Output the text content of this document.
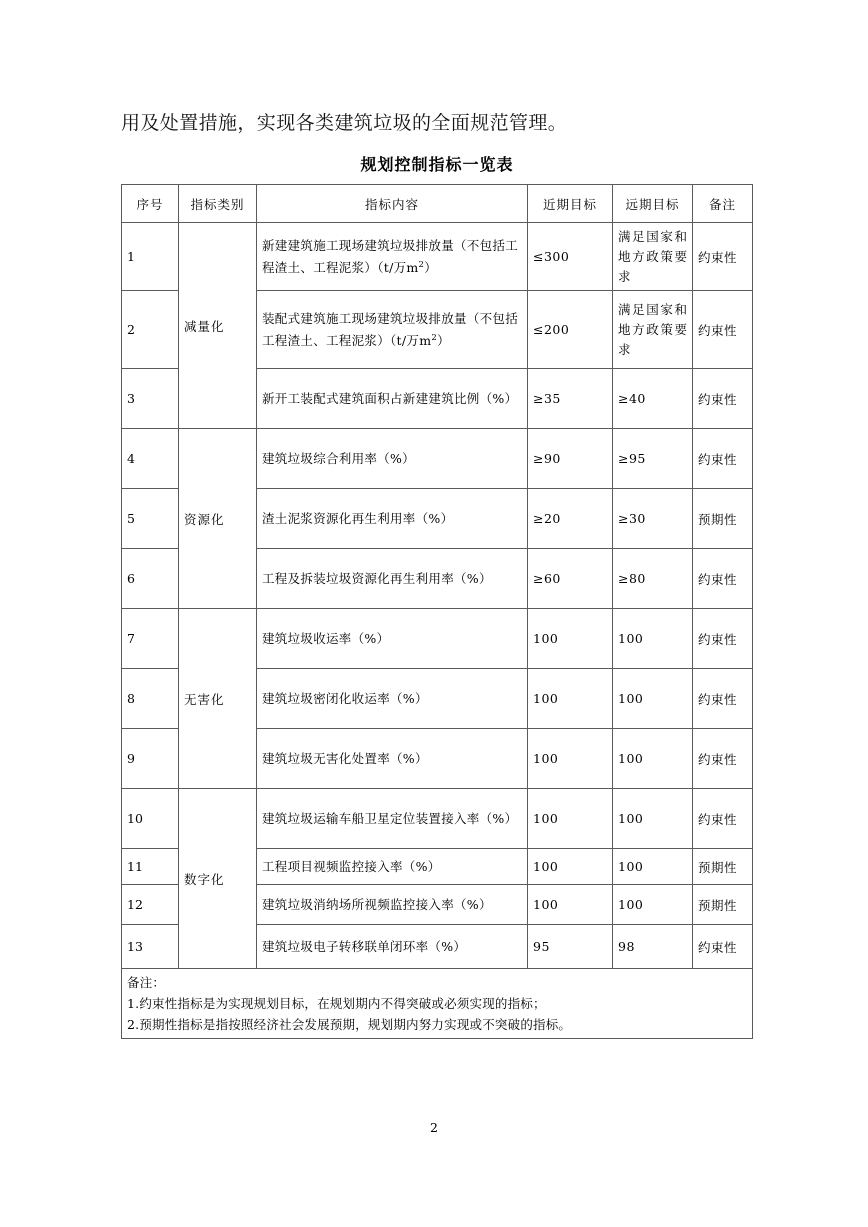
用及处置措施，实现各类建筑垃圾的全面规范管理。
规划控制指标一览表
序号	指标类别	指标内容	近期目标	远期目标	备注
1	减量化	新建建筑施工现场建筑垃圾排放量（不包括工程渣土、工程泥浆）（t/万$m^2$）	≤300	满足国家和地方政策要求	约束性
2		装配式建筑施工现场建筑垃圾排放量（不包括工程渣土、工程泥浆）（t/万$m^2$）	≤200	满足国家和地方政策要求	约束性
3		新开工装配式建筑面积占新建建筑比例（%）	≥35	≥40	约束性
4	资源化	建筑垃圾综合利用率（%）	≥90	≥95	约束性
5		渣土泥浆资源化再生利用率（%）	≥20	≥30	预期性
6		工程及拆装垃圾资源化再生利用率（%）	≥60	≥80	约束性
7	无害化	建筑垃圾收运率（%）	100	100	约束性
8		建筑垃圾密闭化收运率（%）	100	100	约束性
9		建筑垃圾无害化处置率（%）	100	100	约束性
10	数字化	建筑垃圾运输车船卫星定位装置接入率（%）	100	100	约束性
11		工程项目视频监控接入率（%）	100	100	预期性
12		建筑垃圾消纳场所视频监控接入率（%）	100	100	预期性
13		建筑垃圾电子转移联单闭环率（%）	95	98	约束性

备注：
1.约束性指标是为实现规划目标，在规划期内不得突破或必须实现的指标；
2.预期性指标是指按照经济社会发展预期，规划期内努力实现或不突破的指标。					
2
